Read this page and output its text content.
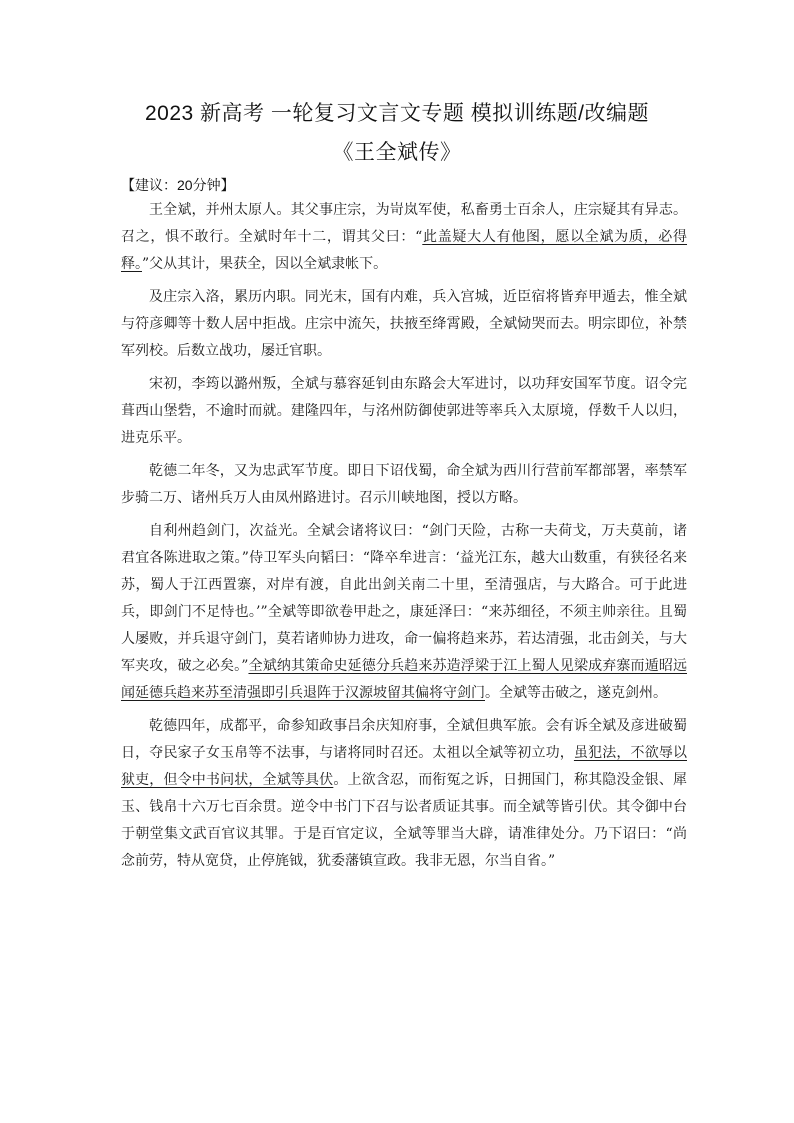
2023 新高考 一轮复习文言文专题 模拟训练题/改编题
《王全斌传》
【建议：20分钟】

王全斌，并州太原人。其父事庄宗，为岢岚军使，私畜勇士百余人，庄宗疑其有异志。召之，惧不敢行。全斌时年十二，谓其父曰：“此盖疑大人有他图，愿以全斌为质，必得释。”父从其计，果获全，因以全斌隶帐下。

及庄宗入洛，累历内职。同光末，国有内难，兵入宫城，近臣宿将皆弃甲遁去，惟全斌与符彦卿等十数人居中拒战。庄宗中流矢，扶掖至绛霄殿，全斌恸哭而去。明宗即位，补禁军列校。后数立战功，屡迁官职。

宋初，李筠以潞州叛，全斌与慕容延钊由东路会大军进讨，以功拜安国军节度。诏令完葺西山堡砦，不逾时而就。建隆四年，与洺州防御使郭进等率兵入太原境，俘数千人以归，进克乐平。

乾德二年冬，又为忠武军节度。即日下诏伐蜀，命全斌为西川行营前军都部署，率禁军步骑二万、诸州兵万人由凤州路进讨。召示川峡地图，授以方略。

自利州趋剑门，次益光。全斌会诸将议曰：“剑门天险，古称一夫荷戈，万夫莫前，诸君宜各陈进取之策。”侍卫军头向韬曰：“降卒牟进言：‘益光江东，越大山数重，有狭径名来苏，蜀人于江西置寨，对岸有渡，自此出剑关南二十里，至清强店，与大路合。可于此进兵，即剑门不足恃也。’”全斌等即欲卷甲赴之，康延泽曰：“来苏细径，不须主帅亲往。且蜀人屡败，并兵退守剑门，莫若诸帅协力进攻，命一偏将趋来苏，若达清强，北击剑关，与大军夹攻，破之必矣。”全斌纳其策命史延德分兵趋来苏造浮梁于江上蜀人见梁成弃寨而遁昭远闻延德兵趋来苏至清强即引兵退阵于汉源坡留其偏将守剑门。全斌等击破之，遂克剑州。

乾德四年，成都平，命参知政事吕余庆知府事，全斌但典军旅。会有诉全斌及彦进破蜀日，夺民家子女玉帛等不法事，与诸将同时召还。太祖以全斌等初立功，虽犯法，不欲辱以狱吏，但令中书问状，全斌等具伏。上欲含忍，而衔冤之诉，日拥国门，称其隐没金银、犀玉、钱帛十六万七百余贯。逆令中书门下召与讼者质证其事。而全斌等皆引伏。其令御中台于朝堂集文武百官议其罪。于是百官定议，全斌等罪当大辟，请准律处分。乃下诏曰：“尚念前劳，特从宽贷，止停旄钺，犹委藩镇宣政。我非无恩，尔当自省。”
